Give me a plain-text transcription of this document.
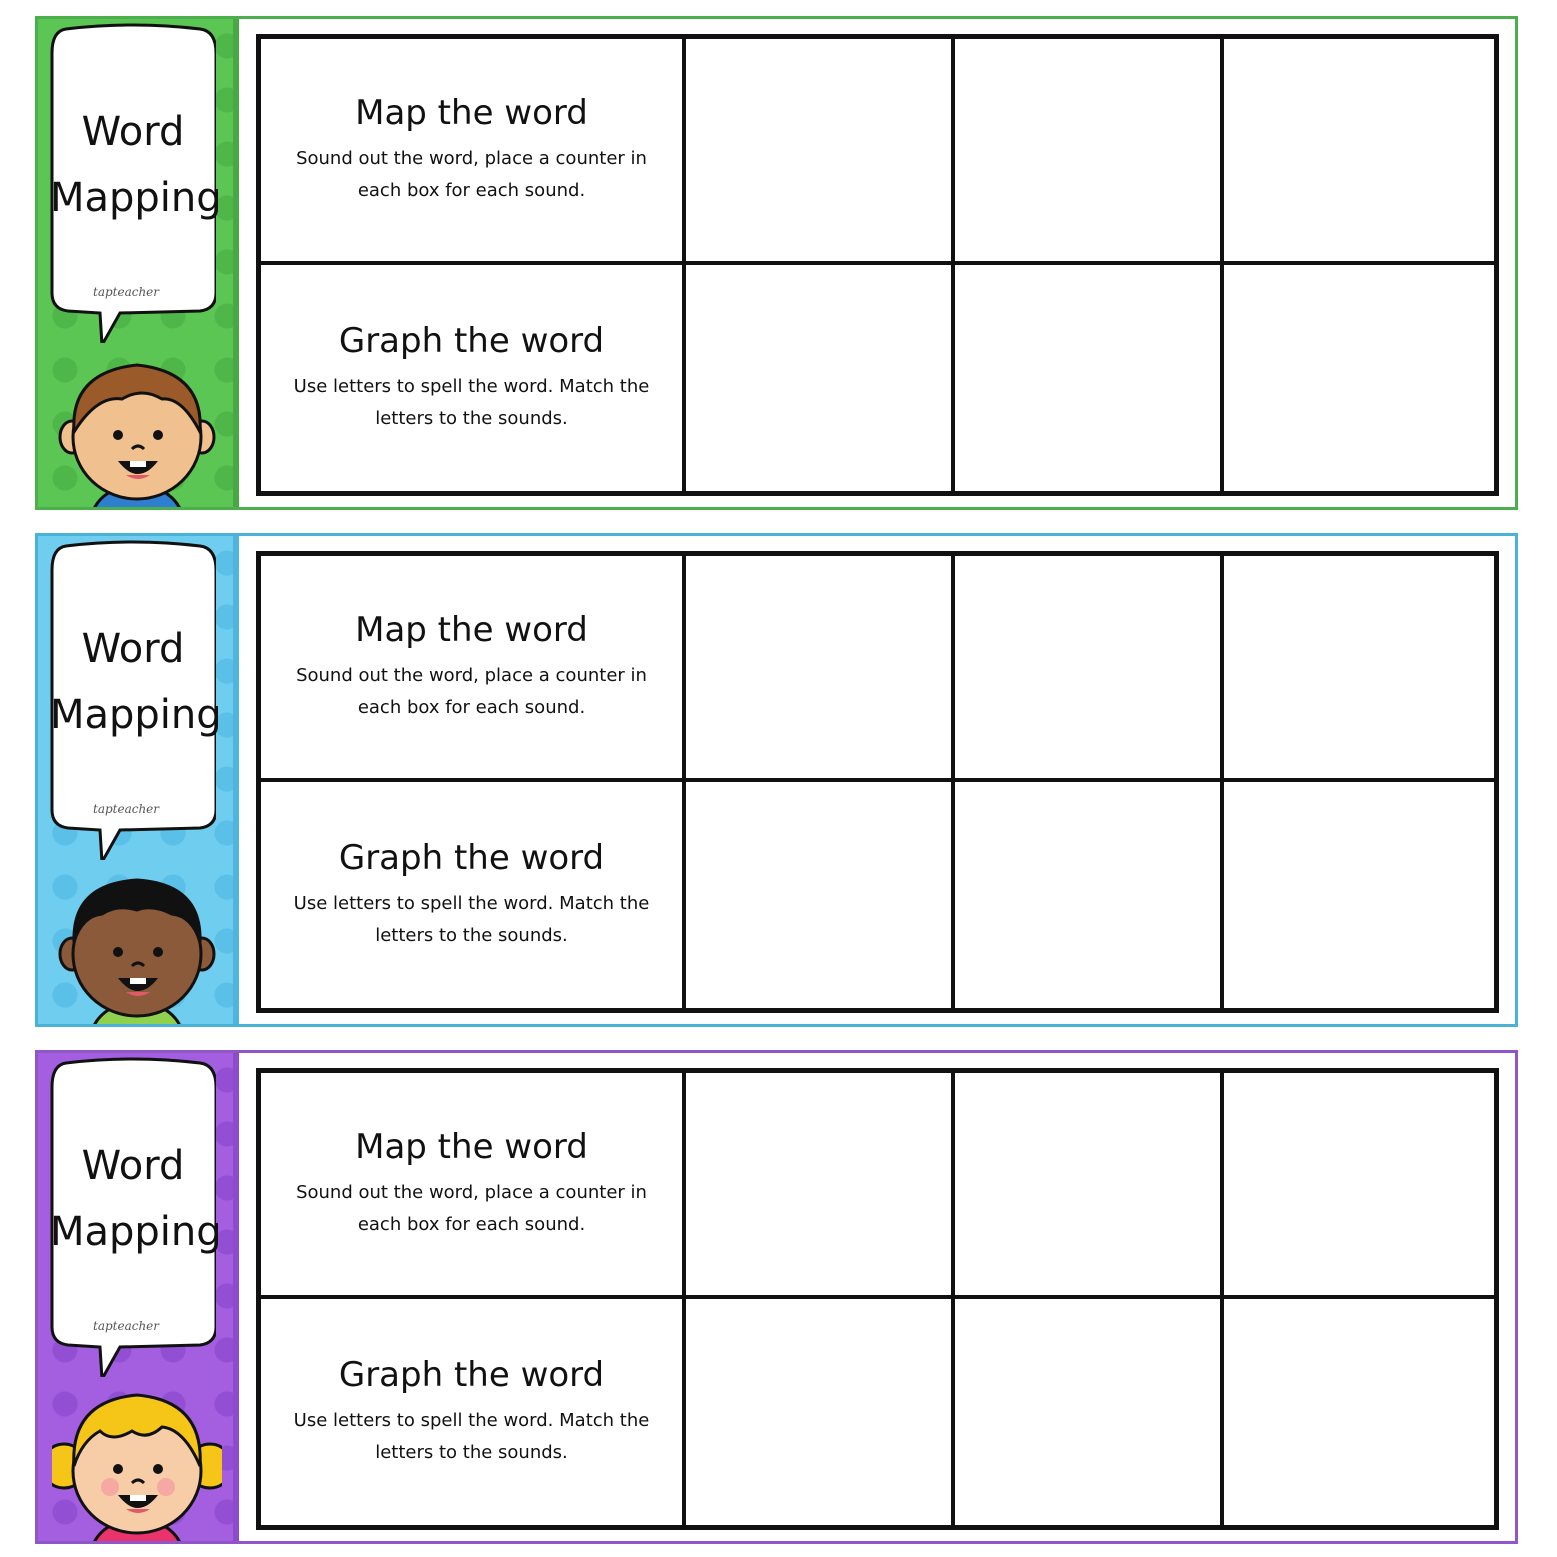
Word
Mapping
tapteacher
Map the word
Sound out the word, place a counter in each box for each sound.
Graph the word
Use letters to spell the word. Match the letters to the sounds.
Word
Mapping
tapteacher
Map the word
Sound out the word, place a counter in each box for each sound.
Graph the word
Use letters to spell the word. Match the letters to the sounds.
Word
Mapping
tapteacher
Map the word
Sound out the word, place a counter in each box for each sound.
Graph the word
Use letters to spell the word. Match the letters to the sounds.
